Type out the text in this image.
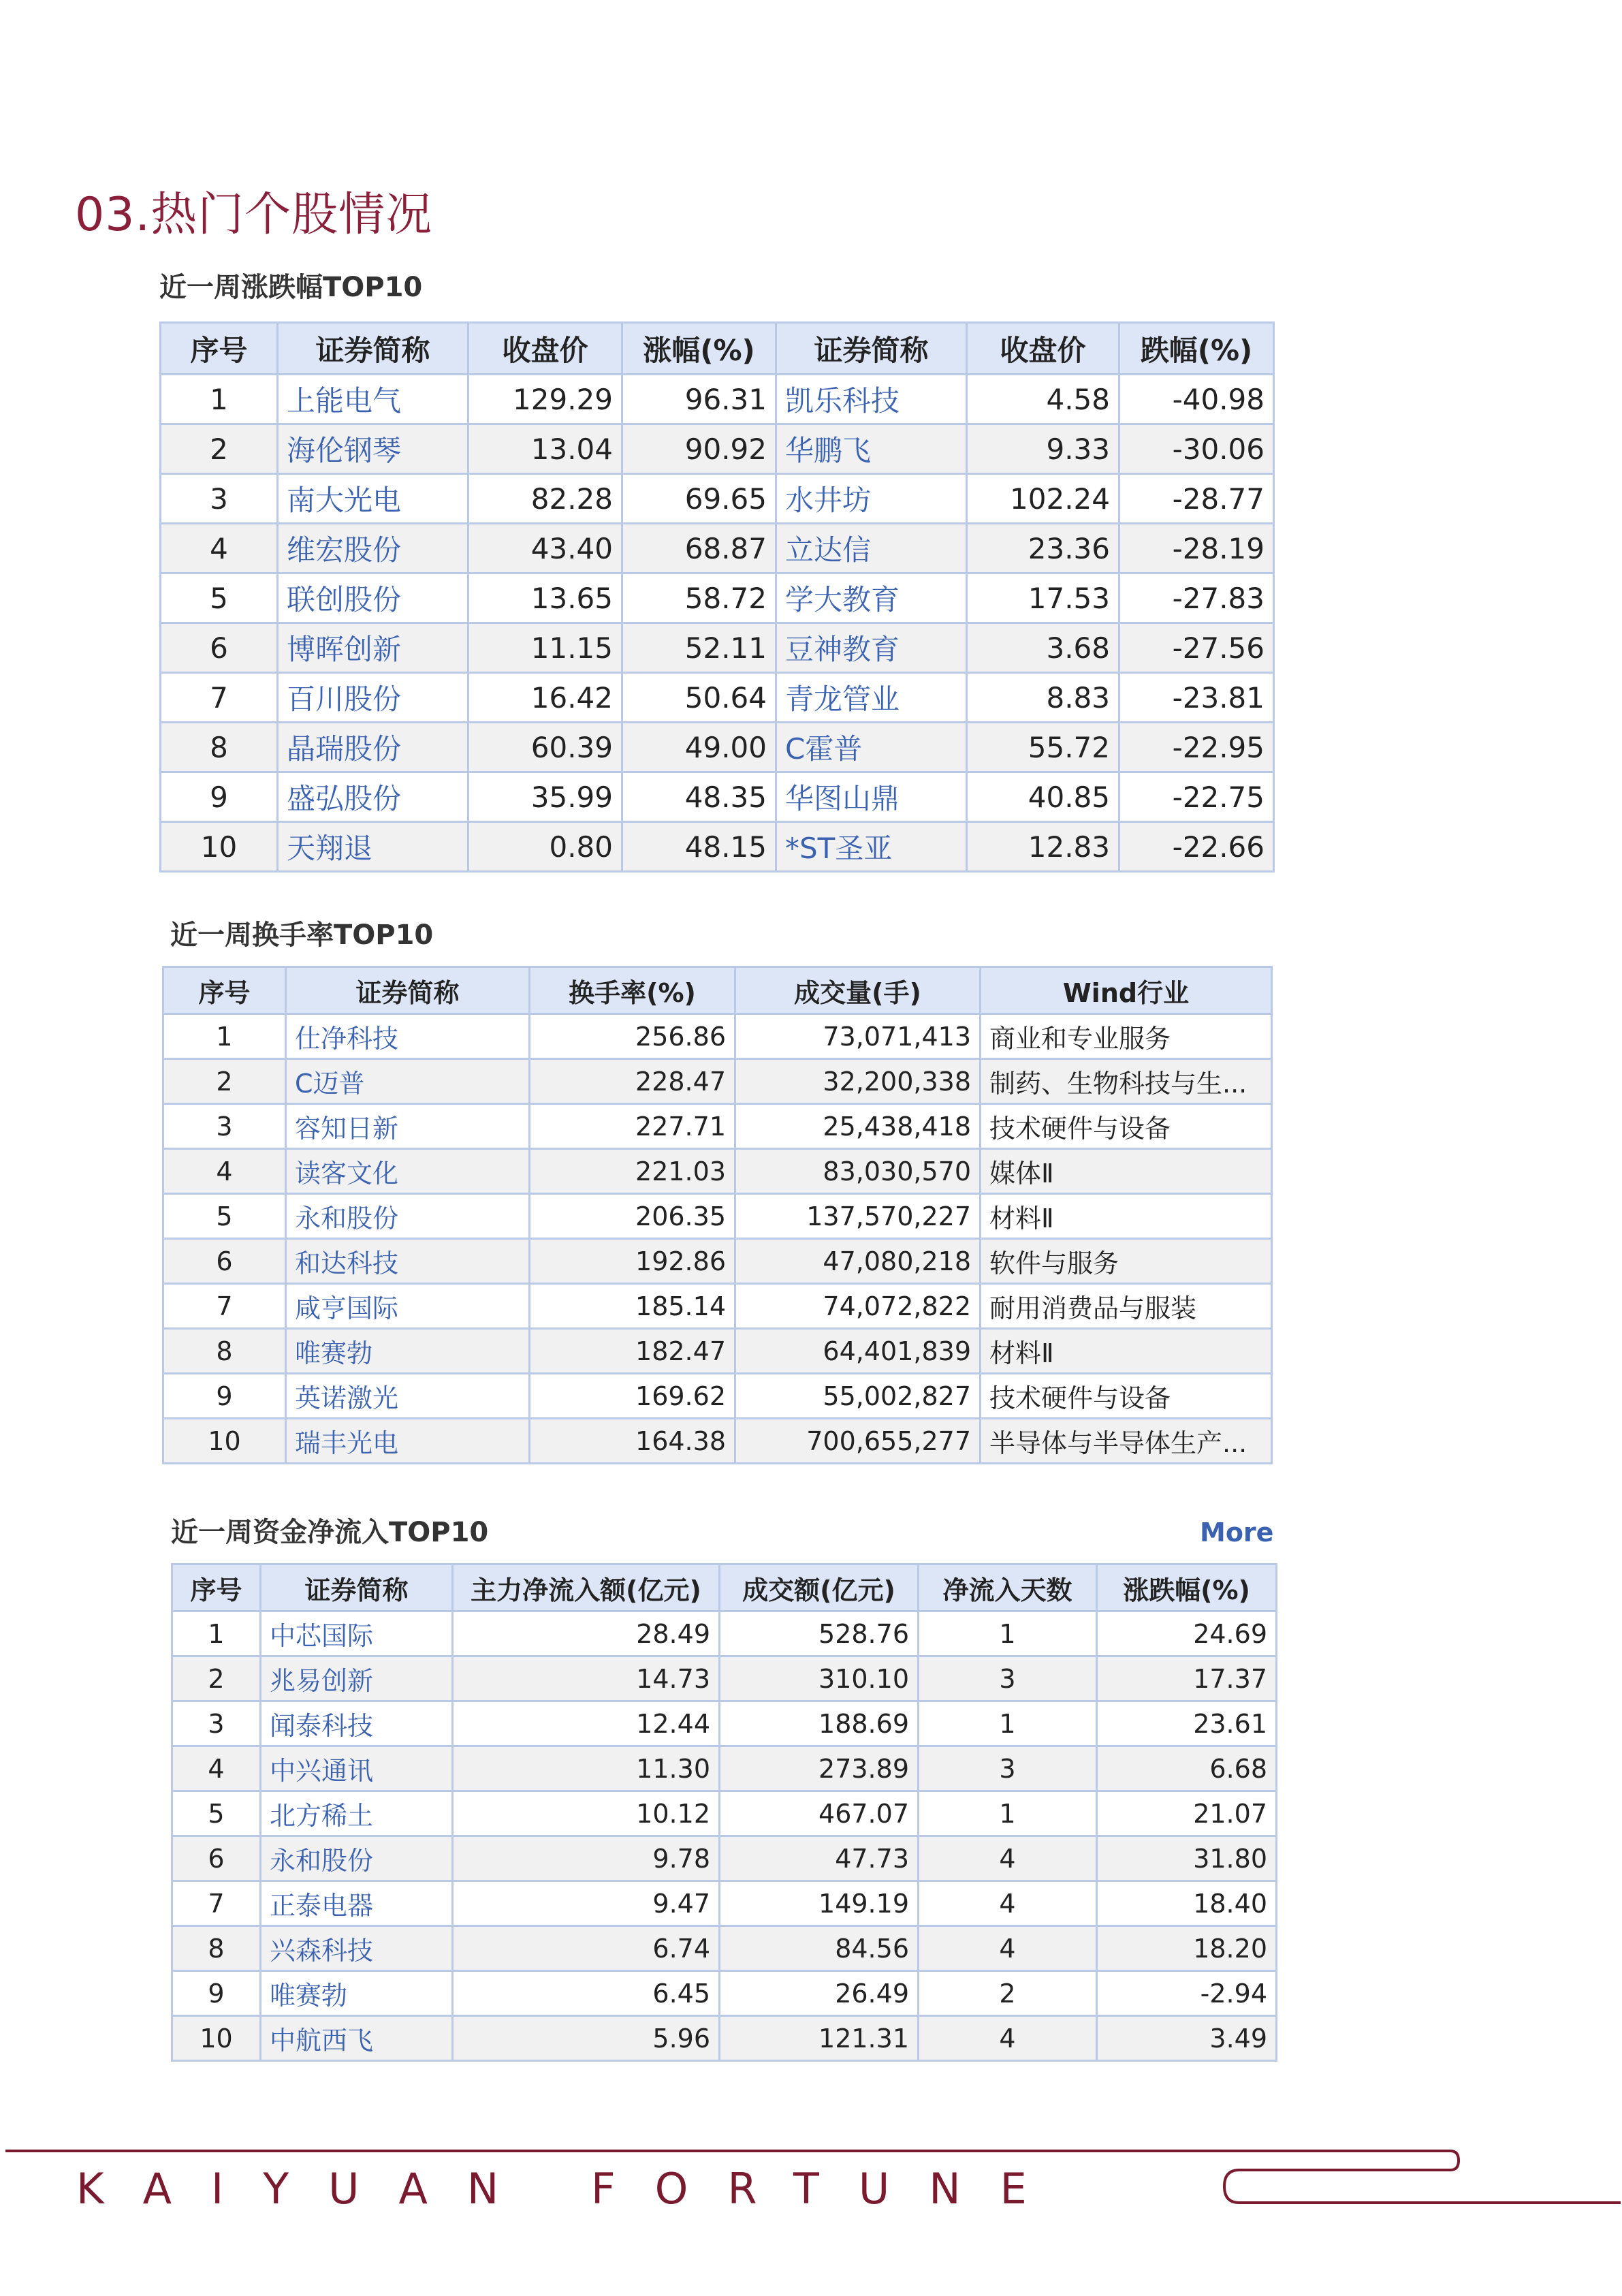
03.热门个股情况
近一周涨跌幅TOP10
序号	证券简称	收盘价	涨幅(%)	证券简称	收盘价	跌幅(%)
1	上能电气	129.29	96.31	凯乐科技	4.58	-40.98
2	海伦钢琴	13.04	90.92	华鹏飞	9.33	-30.06
3	南大光电	82.28	69.65	水井坊	102.24	-28.77
4	维宏股份	43.40	68.87	立达信	23.36	-28.19
5	联创股份	13.65	58.72	学大教育	17.53	-27.83
6	博晖创新	11.15	52.11	豆神教育	3.68	-27.56
7	百川股份	16.42	50.64	青龙管业	8.83	-23.81
8	晶瑞股份	60.39	49.00	C霍普	55.72	-22.95
9	盛弘股份	35.99	48.35	华图山鼎	40.85	-22.75
10	天翔退	0.80	48.15	*ST圣亚	12.83	-22.66
近一周换手率TOP10
序号	证券简称	换手率(%)	成交量(手)	Wind行业
1	仕净科技	256.86	73,071,413	商业和专业服务
2	C迈普	228.47	32,200,338	制药、生物科技与生...
3	容知日新	227.71	25,438,418	技术硬件与设备
4	读客文化	221.03	83,030,570	媒体Ⅱ
5	永和股份	206.35	137,570,227	材料Ⅱ
6	和达科技	192.86	47,080,218	软件与服务
7	咸亨国际	185.14	74,072,822	耐用消费品与服装
8	唯赛勃	182.47	64,401,839	材料Ⅱ
9	英诺激光	169.62	55,002,827	技术硬件与设备
10	瑞丰光电	164.38	700,655,277	半导体与半导体生产...
近一周资金净流入TOP10	More
序号	证券简称	主力净流入额(亿元)	成交额(亿元)	净流入天数	涨跌幅(%)
1	中芯国际	28.49	528.76	1	24.69
2	兆易创新	14.73	310.10	3	17.37
3	闻泰科技	12.44	188.69	1	23.61
4	中兴通讯	11.30	273.89	3	6.68
5	北方稀土	10.12	467.07	1	21.07
6	永和股份	9.78	47.73	4	31.80
7	正泰电器	9.47	149.19	4	18.40
8	兴森科技	6.74	84.56	4	18.20
9	唯赛勃	6.45	26.49	2	-2.94
10	中航西飞	5.96	121.31	4	3.49
KAIYUAN FORTUNE
